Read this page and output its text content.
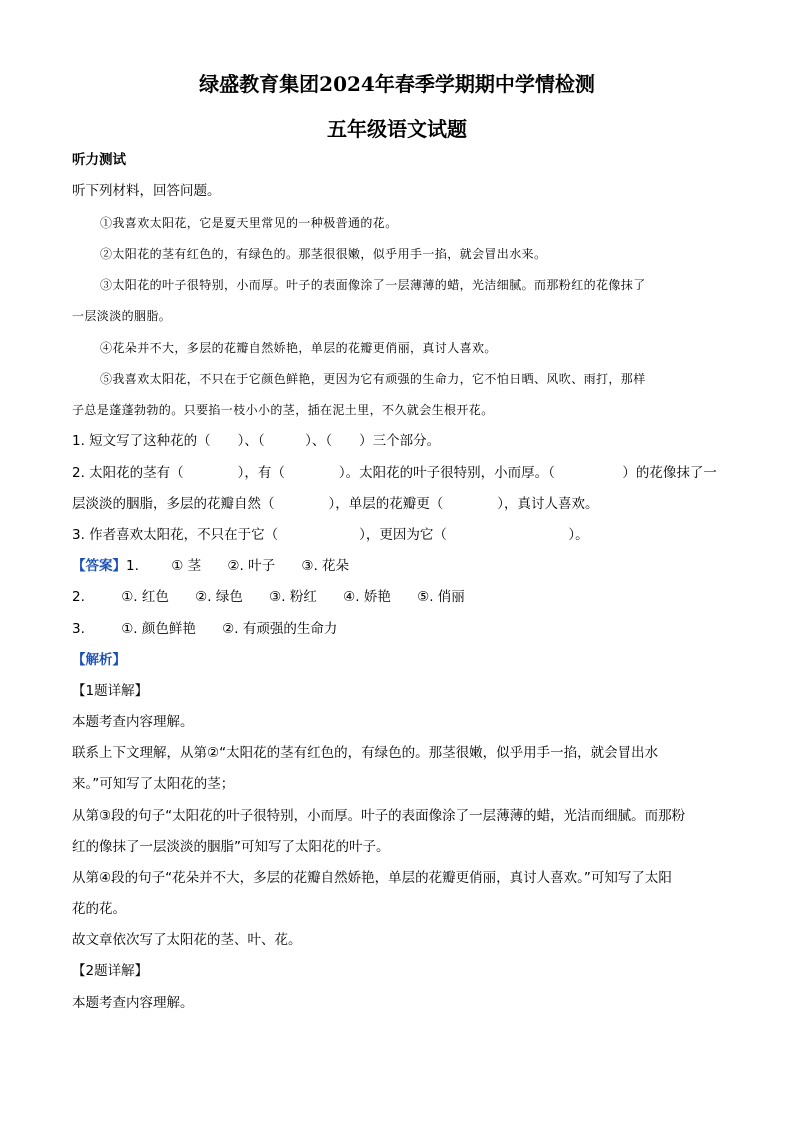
绿盛教育集团2024年春季学期期中学情检测
五年级语文试题
听力测试
听下列材料，回答问题。
①我喜欢太阳花，它是夏天里常见的一种极普通的花。
②太阳花的茎有红色的，有绿色的。那茎很很嫩，似乎用手一掐，就会冒出水来。
③太阳花的叶子很特别，小而厚。叶子的表面像涂了一层薄薄的蜡，光洁细腻。而那粉红的花像抹了
一层淡淡的胭脂。
④花朵并不大，多层的花瓣自然娇艳，单层的花瓣更俏丽，真讨人喜欢。
⑤我喜欢太阳花，不只在于它颜色鲜艳，更因为它有顽强的生命力，它不怕日晒、风吹、雨打，那样
子总是蓬蓬勃勃的。只要掐一枝小小的茎，插在泥土里，不久就会生根开花。
1. 短文写了这种花的（　　）、（　　　）、（　　）三个部分。
2. 太阳花的茎有（　　　　），有（　　　　）。太阳花的叶子很特别，小而厚。（　　　　　）的花像抹了一
层淡淡的胭脂，多层的花瓣自然（　　　　），单层的花瓣更（　　　　），真讨人喜欢。
3. 作者喜欢太阳花，不只在于它（　　　　　　），更因为它（　　　　　　　　　）。
【答案】1. ① 茎 ②. 叶子 ③. 花朵
2.	①. 红色 ②. 绿色 ③. 粉红 ④. 娇艳 ⑤. 俏丽
3.	①. 颜色鲜艳 ②. 有顽强的生命力
【解析】
【1题详解】
本题考查内容理解。
联系上下文理解，从第②“太阳花的茎有红色的，有绿色的。那茎很嫩，似乎用手一掐，就会冒出水
来。”可知写了太阳花的茎；
从第③段的句子“太阳花的叶子很特别，小而厚。叶子的表面像涂了一层薄薄的蜡，光洁而细腻。而那粉
红的像抹了一层淡淡的胭脂”可知写了太阳花的叶子。
从第④段的句子“花朵并不大，多层的花瓣自然娇艳，单层的花瓣更俏丽，真讨人喜欢。”可知写了太阳
花的花。
故文章依次写了太阳花的茎、叶、花。
【2题详解】
本题考查内容理解。
